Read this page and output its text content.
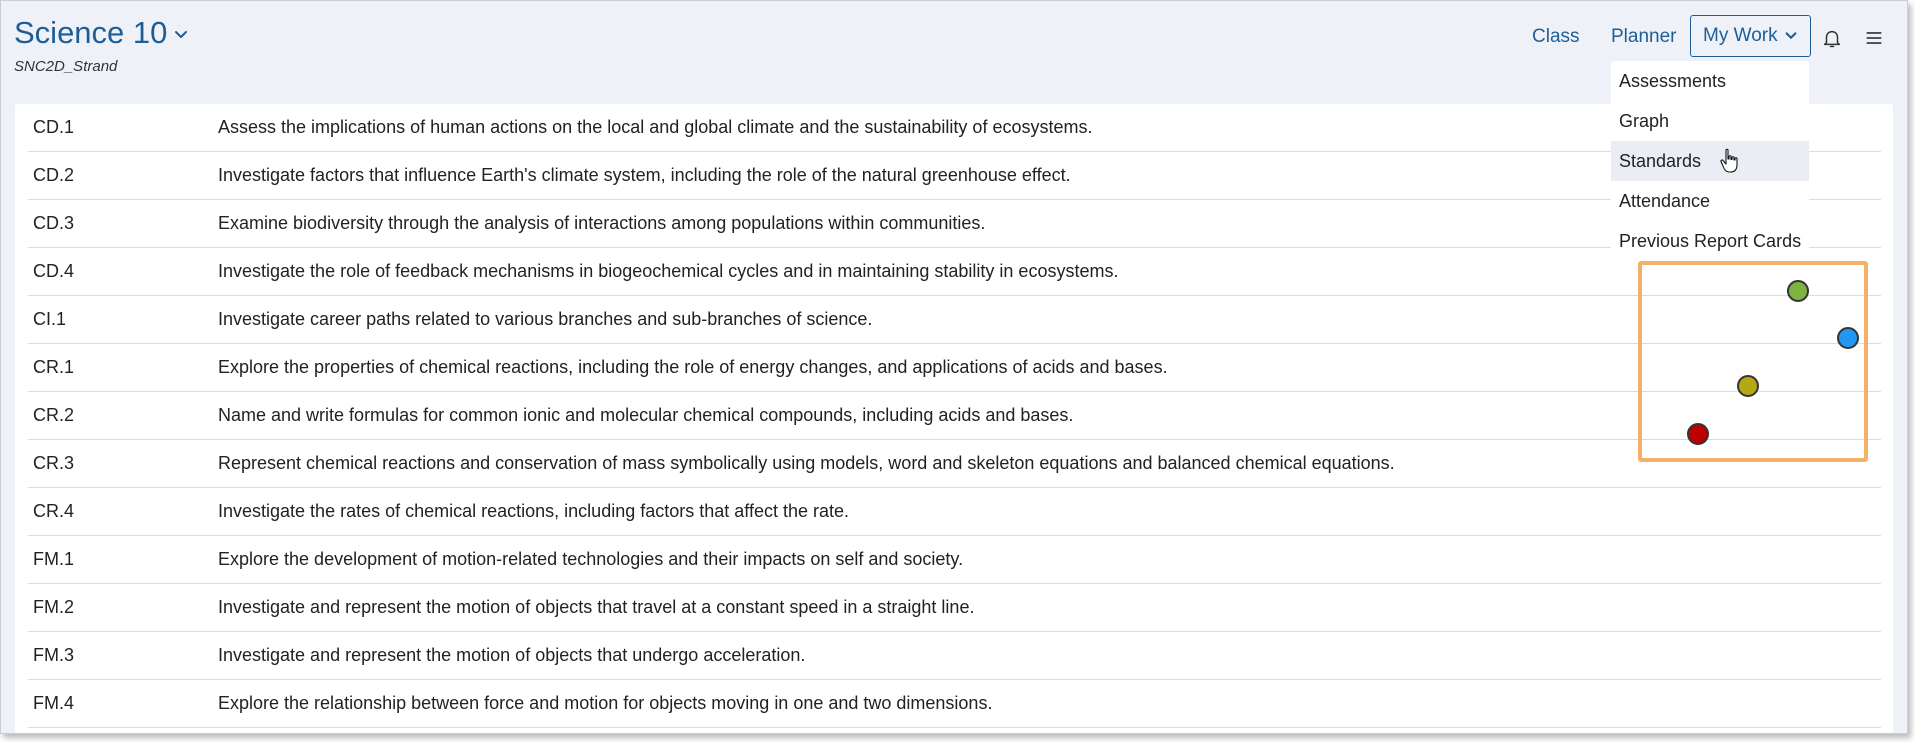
Science 10
SNC2D_Strand
Class Planner My Work
CD.1	Assess the implications of human actions on the local and global climate and the sustainability of ecosystems.
CD.2	Investigate factors that influence Earth's climate system, including the role of the natural greenhouse effect.
CD.3	Examine biodiversity through the analysis of interactions among populations within communities.
CD.4	Investigate the role of feedback mechanisms in biogeochemical cycles and in maintaining stability in ecosystems.
CI.1	Investigate career paths related to various branches and sub-branches of science.
CR.1	Explore the properties of chemical reactions, including the role of energy changes, and applications of acids and bases.
CR.2	Name and write formulas for common ionic and molecular chemical compounds, including acids and bases.
CR.3	Represent chemical reactions and conservation of mass symbolically using models, word and skeleton equations and balanced chemical equations.
CR.4	Investigate the rates of chemical reactions, including factors that affect the rate.
FM.1	Explore the development of motion-related technologies and their impacts on self and society.
FM.2	Investigate and represent the motion of objects that travel at a constant speed in a straight line.
FM.3	Investigate and represent the motion of objects that undergo acceleration.
FM.4	Explore the relationship between force and motion for objects moving in one and two dimensions.
Assessments
Graph
Standards
Attendance
Previous Report Cards
